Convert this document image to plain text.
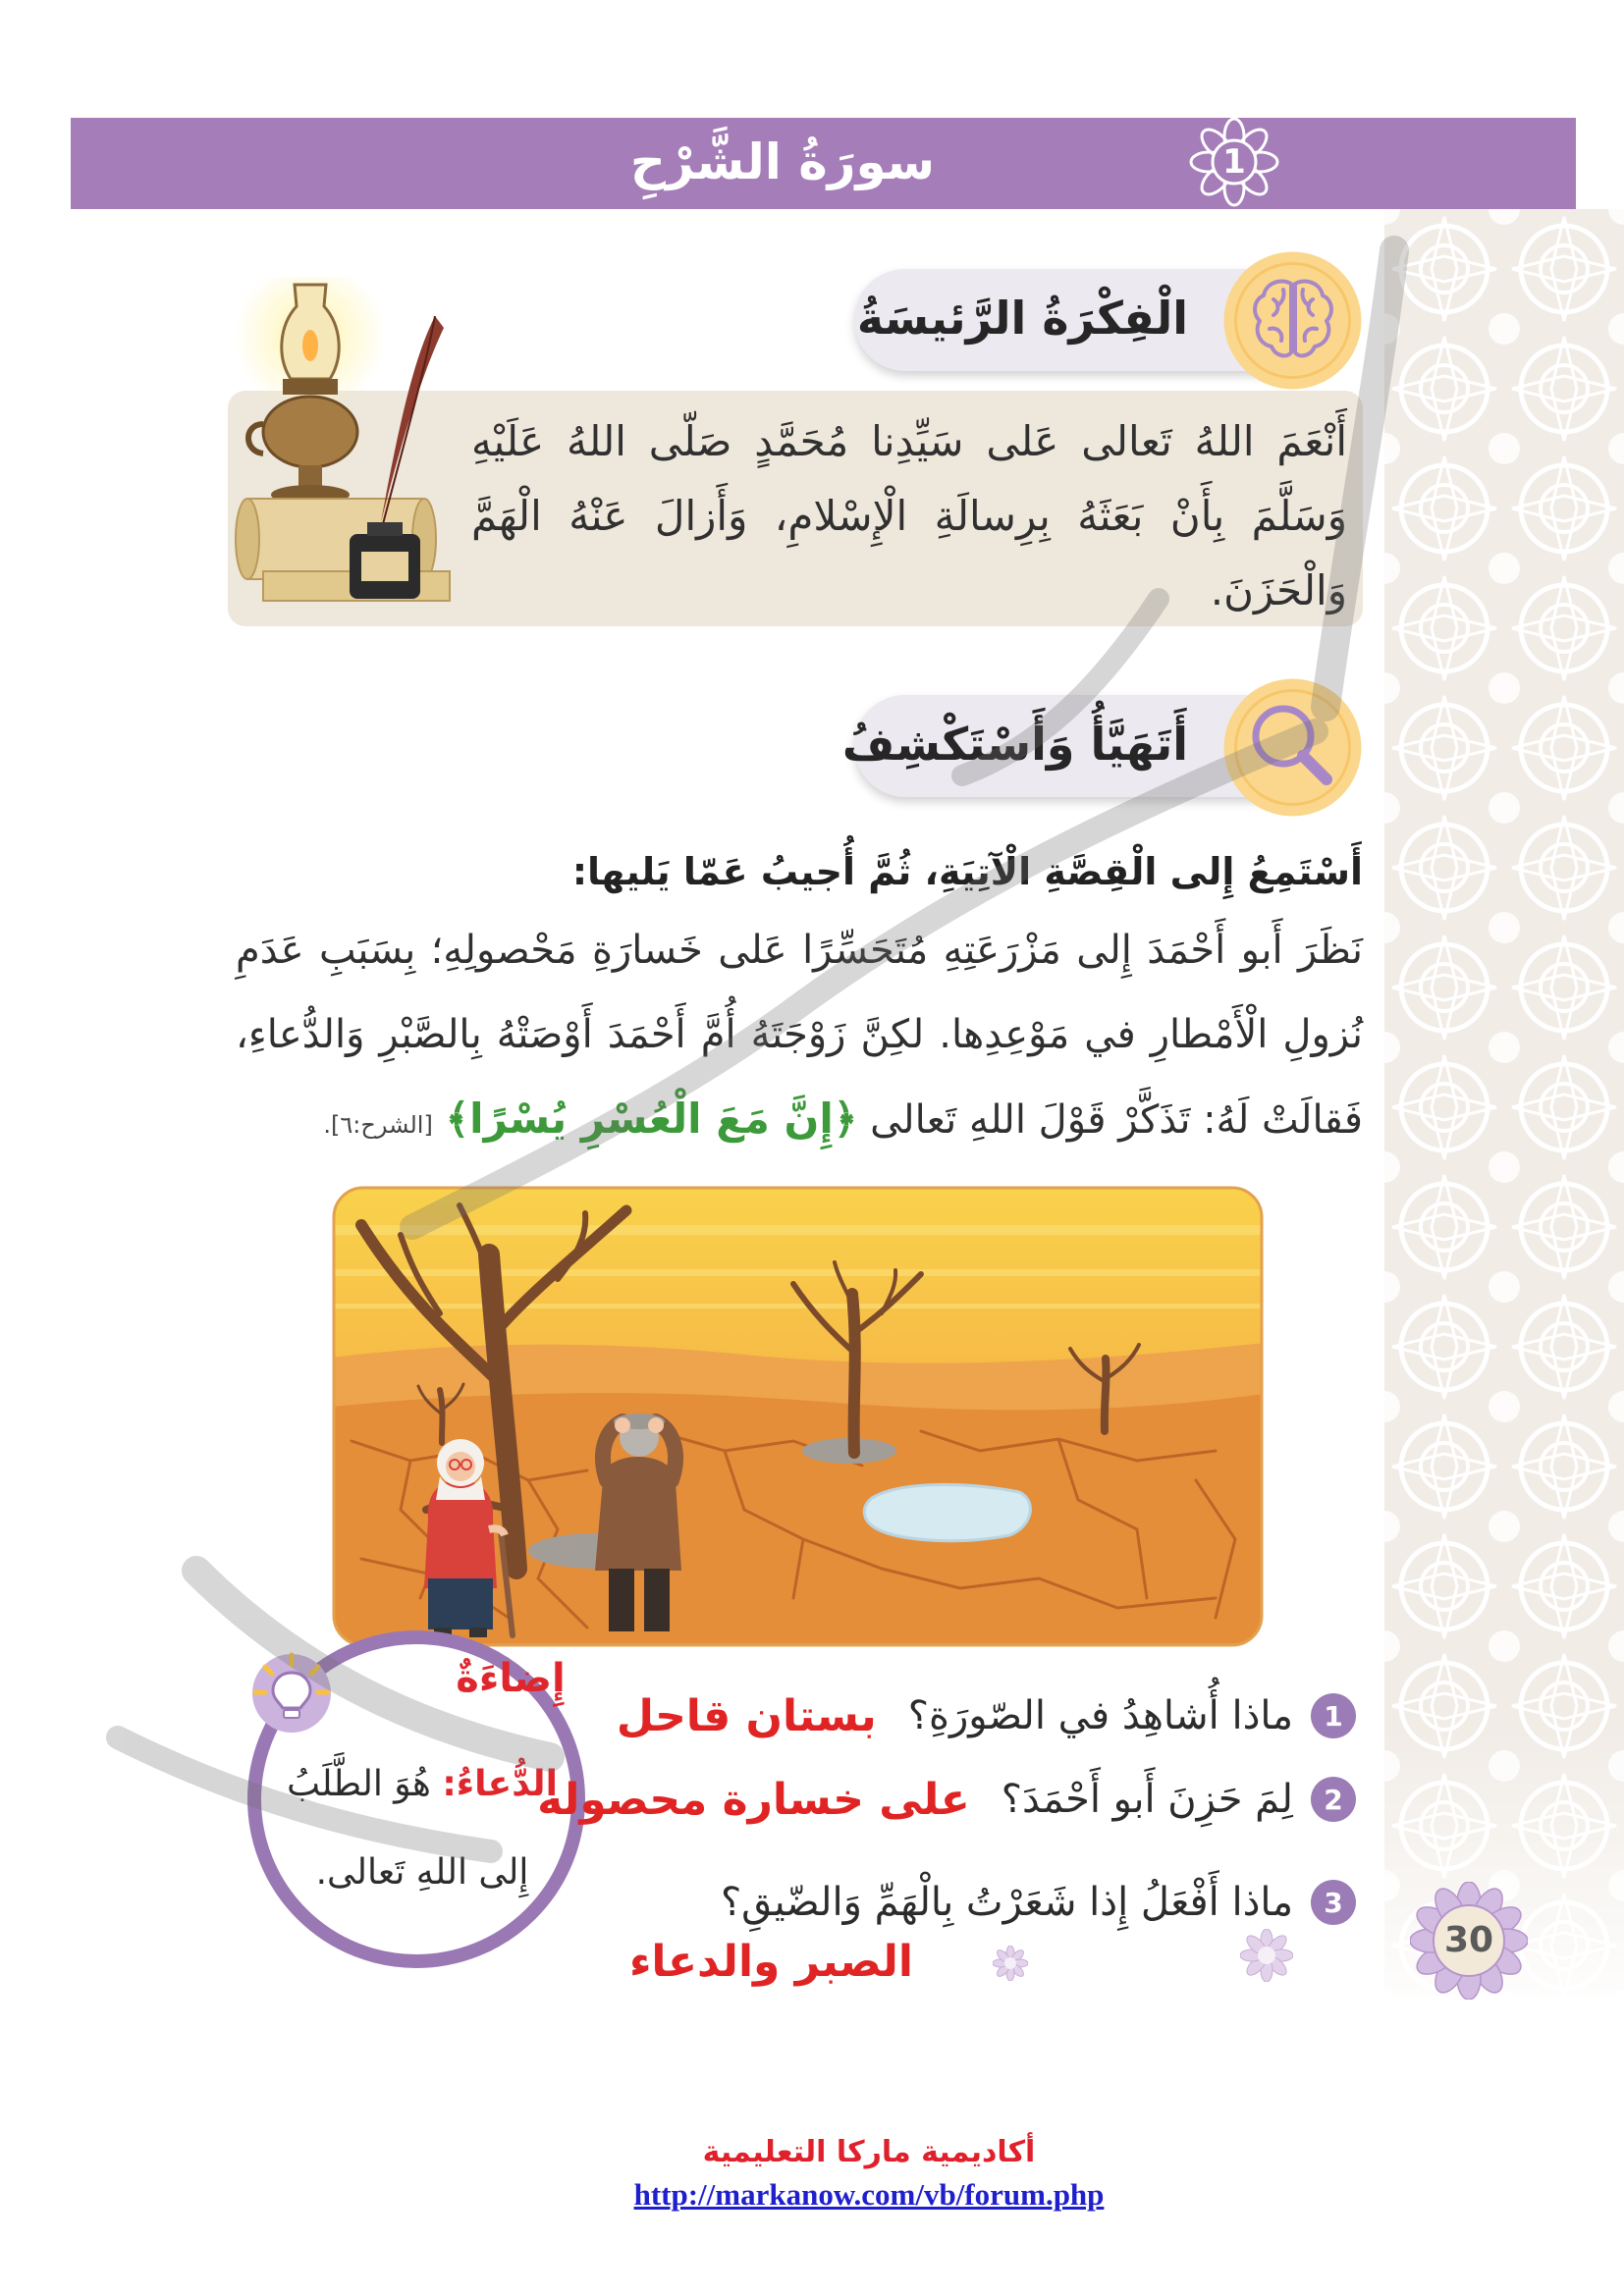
سورَةُ الشَّرْحِ	1
الْفِكْرَةُ الرَّئيسَةُ
أَنْعَمَ اللهُ تَعالى عَلى سَيِّدِنا مُحَمَّدٍ صَلّى اللهُ عَلَيْهِ
وَسَلَّمَ بِأَنْ بَعَثَهُ بِرِسالَةِ الْإِسْلامِ، وَأَزالَ عَنْهُ الْهَمَّ
وَالْحَزَنَ.
أَتَهَيَّأُ وَأَسْتَكْشِفُ
أَسْتَمِعُ إِلى الْقِصَّةِ الْآتِيَةِ، ثُمَّ أُجيبُ عَمّا يَليها:
نَظَرَ أَبو أَحْمَدَ إِلى مَزْرَعَتِهِ مُتَحَسِّرًا عَلى خَسارَةِ مَحْصولِهِ؛ بِسَبَبِ عَدَمِ
نُزولِ الْأَمْطارِ في مَوْعِدِها. لكِنَّ زَوْجَتَهُ أُمَّ أَحْمَدَ أَوْصَتْهُ بِالصَّبْرِ وَالدُّعاءِ،
فَقالَتْ لَهُ: تَذَكَّرْ قَوْلَ اللهِ تَعالى ﴿إِنَّ مَعَ الْعُسْرِ يُسْرًا﴾ [الشرح:٦].
إِضاءَةٌ
الدُّعاءُ: هُوَ الطَّلَبُ
إِلى اللهِ تَعالى.
1
ماذا أُشاهِدُ في الصّورَةِ؟
بستان قاحل
2
لِمَ حَزِنَ أَبو أَحْمَدَ؟
على خسارة محصوله
3
ماذا أَفْعَلُ إِذا شَعَرْتُ بِالْهَمِّ وَالضّيقِ؟
الصبر والدعاء	30
أكاديمية ماركا التعليمية
http://markanow.com/vb/forum.php
